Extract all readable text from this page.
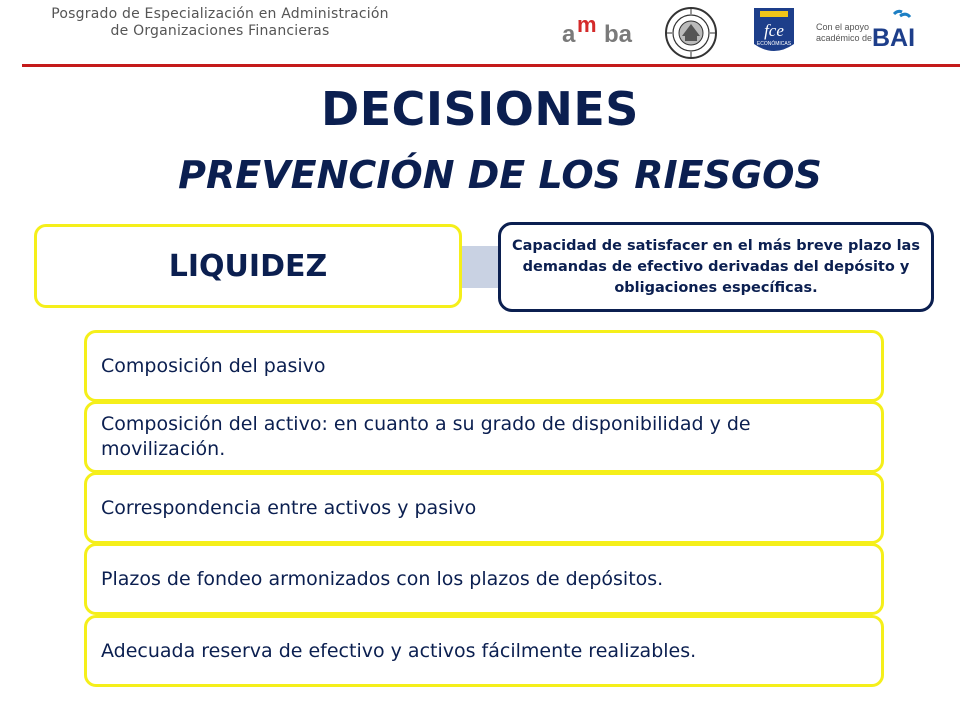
Posgrado de Especialización en Administración
de Organizaciones Financieras	a m ba	fce
ECONÓMICAS
Con el apoyo
académico de BAI
DECISIONES
PREVENCIÓN DE LOS RIESGOS
LIQUIDEZ
Capacidad de satisfacer en el más breve plazo las demandas de efectivo derivadas del depósito y obligaciones específicas.
Composición del pasivo
Composición del activo: en cuanto a su grado de disponibilidad y de movilización.
Correspondencia entre activos y pasivo
Plazos de fondeo armonizados con los plazos de depósitos.
Adecuada reserva de efectivo y activos fácilmente realizables.
